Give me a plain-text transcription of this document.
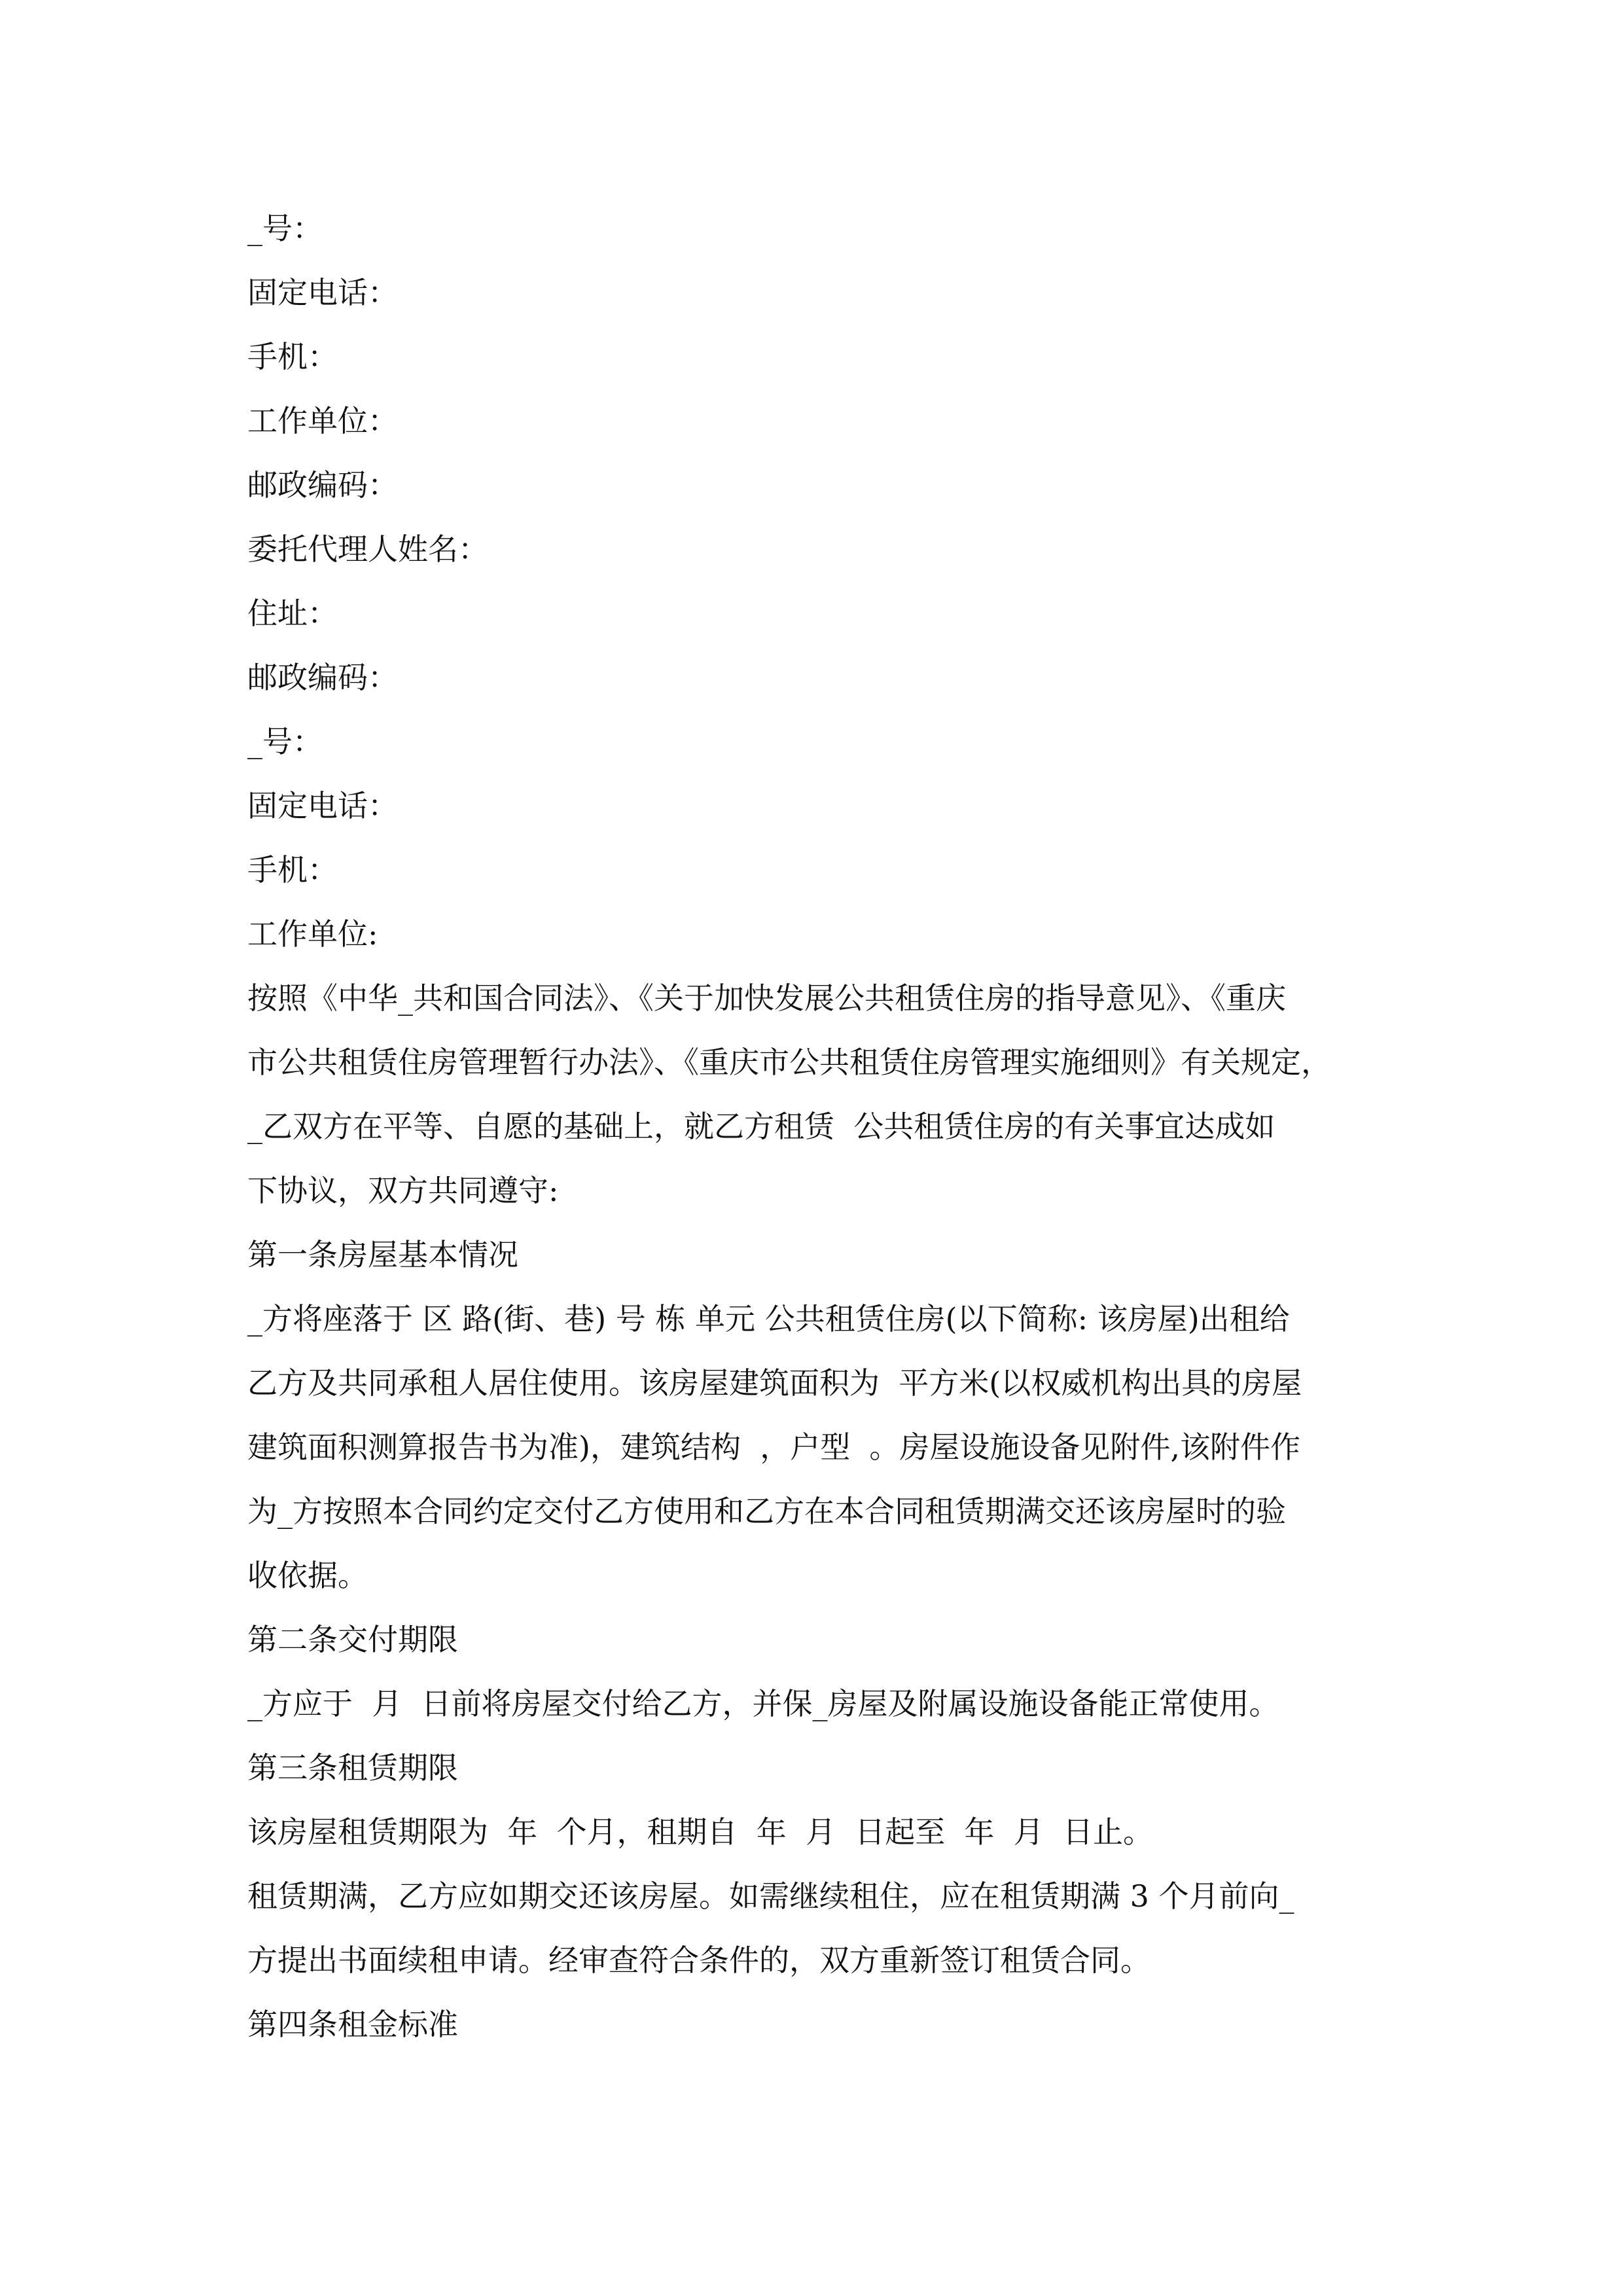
_号：
固定电话：
手机：
工作单位：
邮政编码：
委托代理人姓名：
住址：
邮政编码：
_号：
固定电话：
手机：
工作单位:
按照《中华_共和国合同法》、《关于加快发展公共租赁住房的指导意见》、《重庆
市公共租赁住房管理暂行办法》、《重庆市公共租赁住房管理实施细则》有关规定，
_乙双方在平等、自愿的基础上，就乙方租赁  公共租赁住房的有关事宜达成如
下协议，双方共同遵守:
第一条房屋基本情况
_方将座落于 区 路(街、巷) 号 栋 单元 公共租赁住房(以下简称: 该房屋)出租给
乙方及共同承租人居住使用。该房屋建筑面积为  平方米(以权威机构出具的房屋
建筑面积测算报告书为准)，建筑结构  ，户型  。房屋设施设备见附件,该附件作
为_方按照本合同约定交付乙方使用和乙方在本合同租赁期满交还该房屋时的验
收依据。
第二条交付期限
_方应于  月  日前将房屋交付给乙方，并保_房屋及附属设施设备能正常使用。
第三条租赁期限
该房屋租赁期限为  年  个月，租期自  年  月  日起至  年  月  日止。
租赁期满，乙方应如期交还该房屋。如需继续租住，应在租赁期满 3 个月前向_
方提出书面续租申请。经审查符合条件的，双方重新签订租赁合同。
第四条租金标准
